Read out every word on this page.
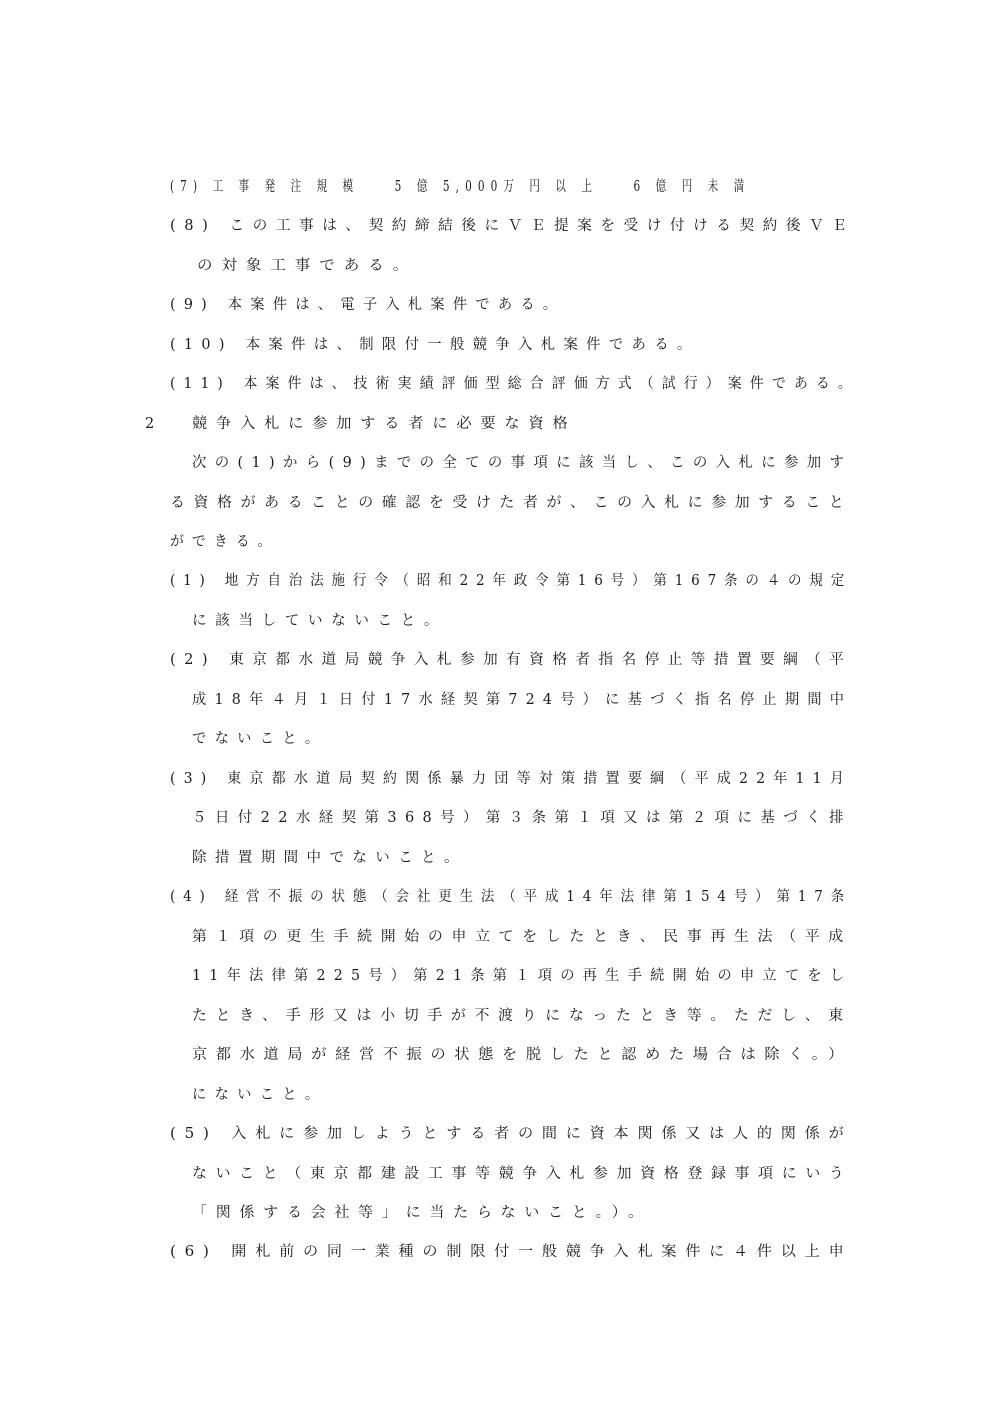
(7) 工 事 発 注 規 模 　 5 億 5,000万 円 以 上 　 6 億 円 未 満
(8) この工事は、契約締結後にＶＥ提案を受け付ける契約後ＶＥ
の対象工事である。
(9) 本案件は、電子入札案件である。
(10) 本案件は、制限付一般競争入札案件である。
(11) 本案件は、技術実績評価型総合評価方式（試行）案件である。
2 競争入札に参加する者に必要な資格
次の(1)から(9)までの全ての事項に該当し、この入札に参加す
る資格があることの確認を受けた者が、この入札に参加すること
ができる。
(1) 地方自治法施行令（昭和22年政令第16号）第167条の４の規定
に該当していないこと。
(2) 東京都水道局競争入札参加有資格者指名停止等措置要綱（平
成18年４月１日付17水経契第724号）に基づく指名停止期間中
でないこと。
(3) 東京都水道局契約関係暴力団等対策措置要綱（平成22年11月
５日付22水経契第368号）第３条第１項又は第２項に基づく排
除措置期間中でないこと。
(4) 経営不振の状態（会社更生法（平成14年法律第154号）第17条
第１項の更生手続開始の申立てをしたとき、民事再生法（平成
11年法律第225号）第21条第１項の再生手続開始の申立てをし
たとき、手形又は小切手が不渡りになったとき等。ただし、東
京都水道局が経営不振の状態を脱したと認めた場合は除く。）
にないこと。
(5) 入札に参加しようとする者の間に資本関係又は人的関係が
ないこと（東京都建設工事等競争入札参加資格登録事項にいう
「関係する会社等」に当たらないこと。）。
(6) 開札前の同一業種の制限付一般競争入札案件に４件以上申
